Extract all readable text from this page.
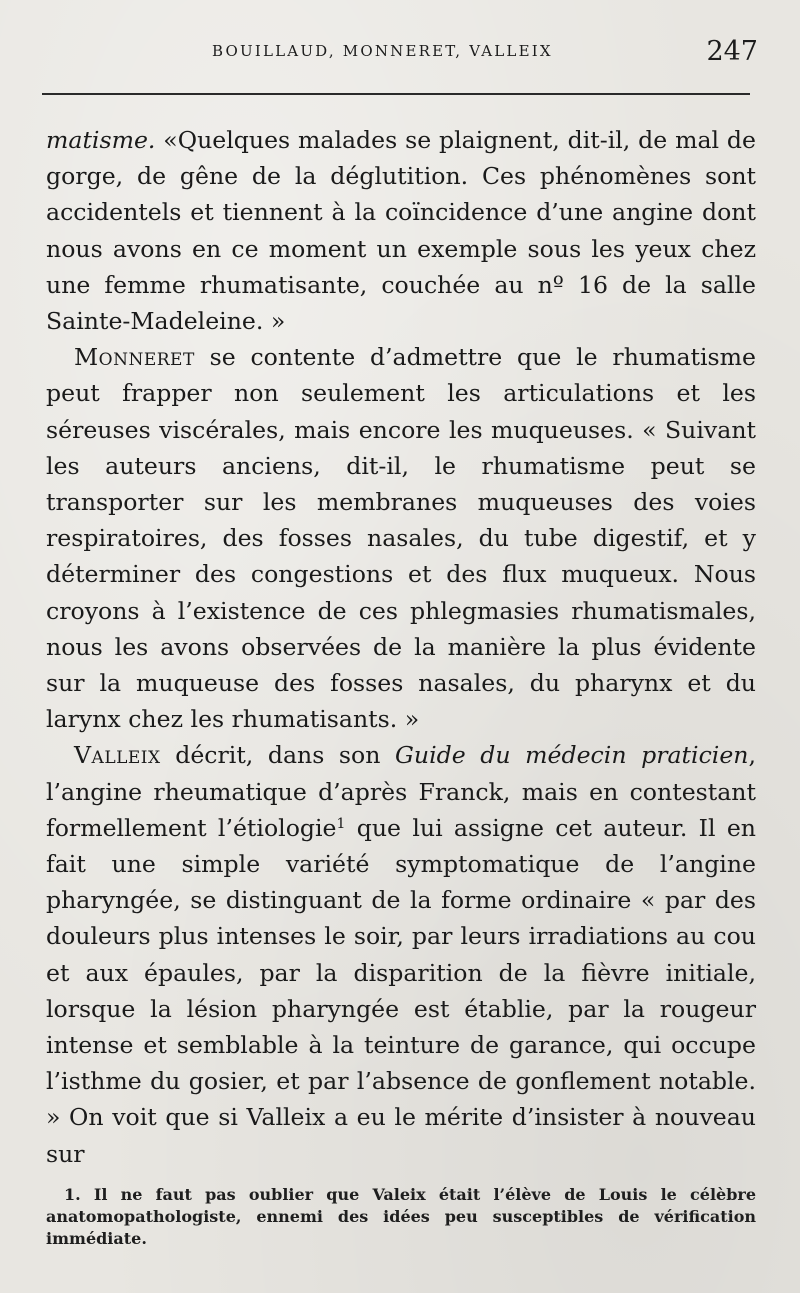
BOUILLAUD, MONNERET, VALLEIX	247

matisme. «Quelques malades se plaignent, dit-il, de mal de gorge, de gêne de la déglutition. Ces phénomènes sont accidentels et tiennent à la coïncidence d’une angine dont nous avons en ce moment un exemple sous les yeux chez une femme rhumatisante, couchée au nº 16 de la salle Sainte-Madeleine. »

Monneret se contente d’admettre que le rhumatisme peut frapper non seulement les articulations et les séreuses viscérales, mais encore les muqueuses. « Suivant les auteurs anciens, dit-il, le rhumatisme peut se transporter sur les membranes muqueuses des voies respiratoires, des fosses nasales, du tube digestif, et y déterminer des congestions et des flux muqueux. Nous croyons à l’existence de ces phlegmasies rhumatismales, nous les avons observées de la manière la plus évidente sur la muqueuse des fosses nasales, du pharynx et du larynx chez les rhumatisants. »

Valleix décrit, dans son Guide du médecin praticien, l’angine rheumatique d’après Franck, mais en contestant formellement l’étiologie$^1$ que lui assigne cet auteur. Il en fait une simple variété symptomatique de l’angine pharyngée, se distinguant de la forme ordinaire « par des douleurs plus intenses le soir, par leurs irradiations au cou et aux épaules, par la disparition de la fièvre initiale, lorsque la lésion pharyngée est établie, par la rougeur intense et semblable à la teinture de garance, qui occupe l’isthme du gosier, et par l’absence de gonflement notable. » On voit que si Valleix a eu le mérite d’insister à nouveau sur

1. Il ne faut pas oublier que Valeix était l’élève de Louis le célèbre anatomopathologiste, ennemi des idées peu susceptibles de vérification immédiate.
